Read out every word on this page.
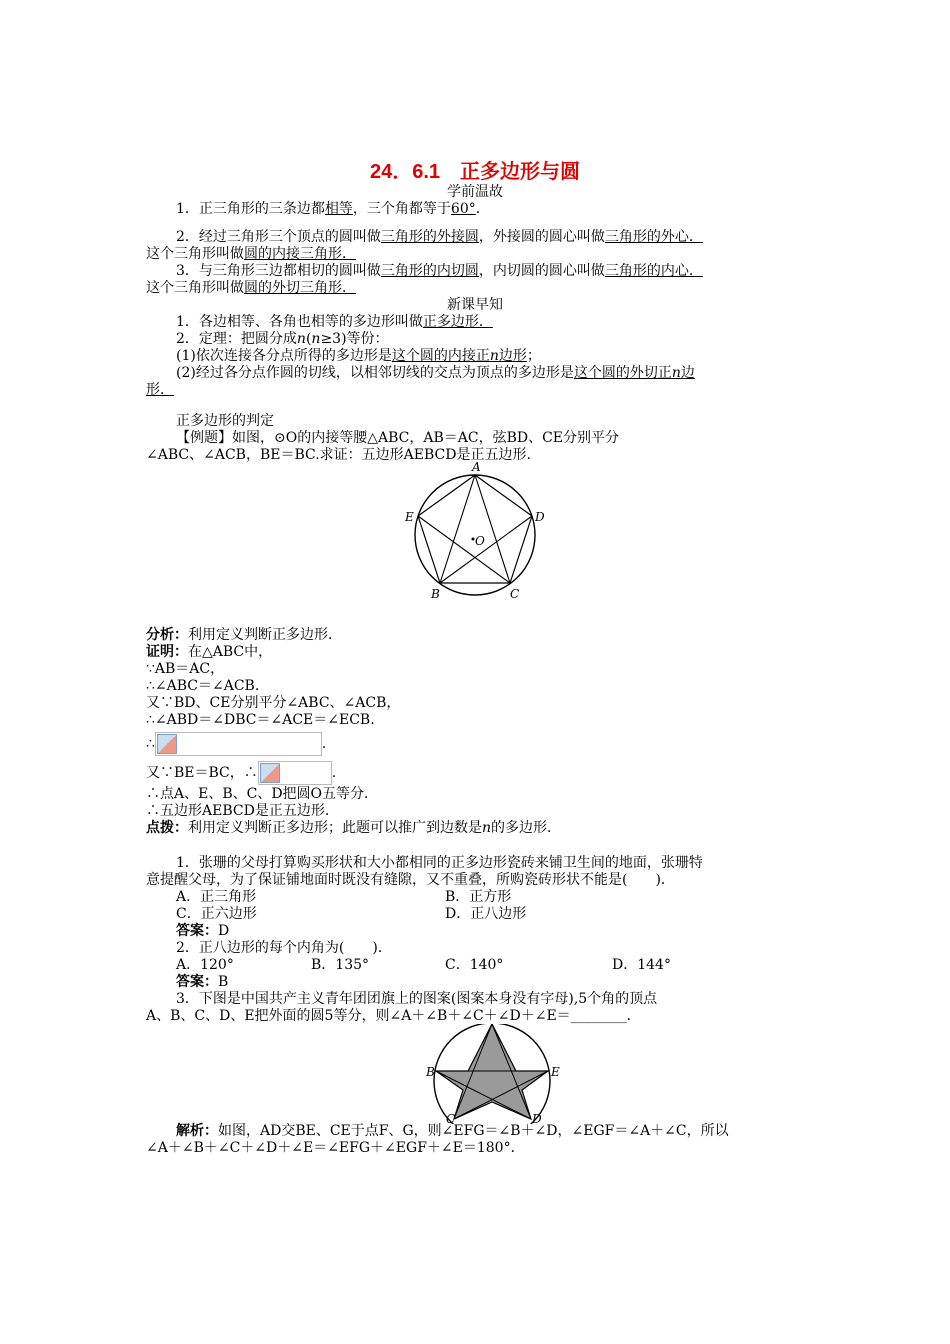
24．6.1　正多边形与圆
学前温故
1．正三角形的三条边都相等，三个角都等于60°．
2．经过三角形三个顶点的圆叫做三角形的外接圆，外接圆的圆心叫做三角形的外心．
这个三角形叫做圆的内接三角形．
3．与三角形三边都相切的圆叫做三角形的内切圆，内切圆的圆心叫做三角形的内心．
这个三角形叫做圆的外切三角形．
新课早知
1．各边相等、各角也相等的多边形叫做正多边形．
2．定理：把圆分成n(n≥3)等份：
(1)依次连接各分点所得的多边形是这个圆的内接正n边形；
(2)经过各分点作圆的切线，以相邻切线的交点为顶点的多边形是这个圆的外切正n边
形．
正多边形的判定
【例题】如图，⊙O的内接等腰△ABC，AB＝AC，弦BD、CE分别平分
∠ABC、∠ACB，BE＝BC.求证：五边形AEBCD是正五边形.
A
D
E
B	C
O
分析：利用定义判断正多边形．
证明：在△ABC中，
∵AB＝AC，
∴∠ABC＝∠ACB.
又∵BD、CE分别平分∠ABC、∠ACB，
∴∠ABD＝∠DBC＝∠ACE＝∠ECB.
∴	.
又∵BE＝BC，∴	.
∴点A、E、B、C、D把圆O五等分．
∴五边形AEBCD是正五边形．
点拨：利用定义判断正多边形；此题可以推广到边数是n的多边形．
1．张珊的父母打算购买形状和大小都相同的正多边形瓷砖来铺卫生间的地面，张珊特
意提醒父母，为了保证铺地面时既没有缝隙，又不重叠，所购瓷砖形状不能是(　　)．
A．正三角形	B．正方形
C．正六边形	D．正八边形
答案：D
2．正八边形的每个内角为(　　)．
A．120°	B．135°	C．140°	D．144°
答案：B
3．下图是中国共产主义青年团团旗上的图案(图案本身没有字母),5个角的顶点
A、B、C、D、E把外面的圆5等分，则∠A＋∠B＋∠C＋∠D＋∠E＝________．
B	E
C	D
解析：如图，AD交BE、CE于点F、G，则∠EFG＝∠B＋∠D，∠EGF＝∠A＋∠C，所以
∠A＋∠B＋∠C＋∠D＋∠E＝∠EFG＋∠EGF＋∠E＝180°．
